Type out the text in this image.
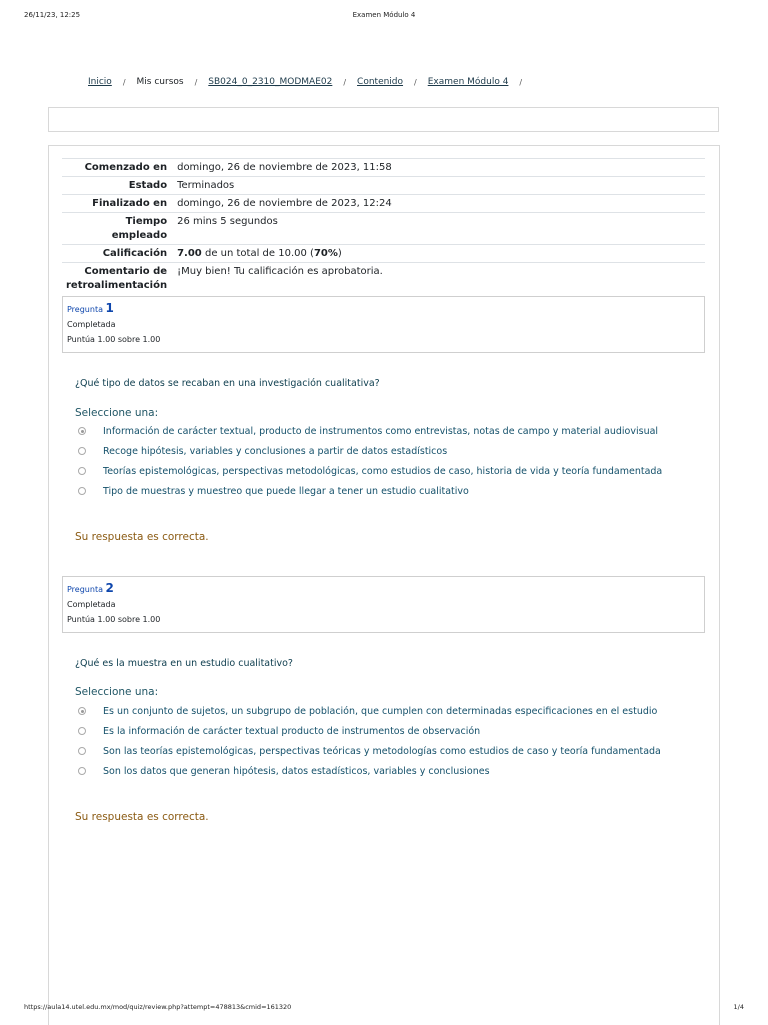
26/11/23, 12:25	Examen Módulo 4
Inicio / Mis cursos / SB024_0_2310_MODMAE02 / Contenido / Examen Módulo 4 /
Comenzado en	domingo, 26 de noviembre de 2023, 11:58
Estado	Terminados
Finalizado en	domingo, 26 de noviembre de 2023, 12:24
Tiempo
empleado	26 mins 5 segundos
Calificación	7.00 de un total de 10.00 (70%)
Comentario de
retroalimentación	¡Muy bien! Tu calificación es aprobatoria.
Pregunta 1
Completada
Puntúa 1.00 sobre 1.00
¿Qué tipo de datos se recaban en una investigación cualitativa?
Seleccione una:
Información de carácter textual, producto de instrumentos como entrevistas, notas de campo y material audiovisual
Recoge hipótesis, variables y conclusiones a partir de datos estadísticos
Teorías epistemológicas, perspectivas metodológicas, como estudios de caso, historia de vida y teoría fundamentada
Tipo de muestras y muestreo que puede llegar a tener un estudio cualitativo
Su respuesta es correcta.
Pregunta 2
Completada
Puntúa 1.00 sobre 1.00
¿Qué es la muestra en un estudio cualitativo?
Seleccione una:
Es un conjunto de sujetos, un subgrupo de población, que cumplen con determinadas especificaciones en el estudio
Es la información de carácter textual producto de instrumentos de observación
Son las teorías epistemológicas, perspectivas teóricas y metodologías como estudios de caso y teoría fundamentada
Son los datos que generan hipótesis, datos estadísticos, variables y conclusiones
Su respuesta es correcta.
https://aula14.utel.edu.mx/mod/quiz/review.php?attempt=478813&cmid=161320	1/4
